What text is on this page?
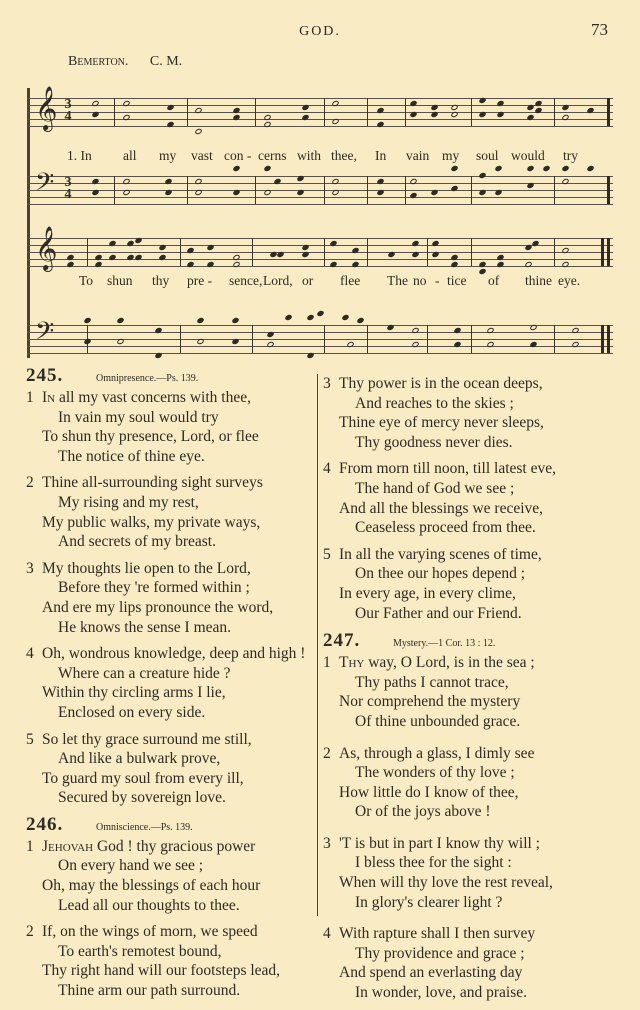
GOD.	73
Bemerton. C. M.
𝄞 3
4
1. In all my vast con - cerns with thee, In vain my soul would try
𝄢 3
4
𝄞
To shun thy pre - sence, Lord, or flee The no - tice of thine eye.
𝄢
245.	Omnipresence.—Ps. 139.
1 In all my vast concerns with thee,
In vain my soul would try
To shun thy presence, Lord, or flee
The notice of thine eye.
2 Thine all-surrounding sight surveys
My rising and my rest,
My public walks, my private ways,
And secrets of my breast.
3 My thoughts lie open to the Lord,
Before they 're formed within ;
And ere my lips pronounce the word,
He knows the sense I mean.
4 Oh, wondrous knowledge, deep and high !
Where can a creature hide ?
Within thy circling arms I lie,
Enclosed on every side.
5 So let thy grace surround me still,
And like a bulwark prove,
To guard my soul from every ill,
Secured by sovereign love.
246.	Omniscience.—Ps. 139.
1 Jehovah God ! thy gracious power
On every hand we see ;
Oh, may the blessings of each hour
Lead all our thoughts to thee.
2 If, on the wings of morn, we speed
To earth's remotest bound,
Thy right hand will our footsteps lead,
Thine arm our path surround.
3 Thy power is in the ocean deeps,
And reaches to the skies ;
Thine eye of mercy never sleeps,
Thy goodness never dies.
4 From morn till noon, till latest eve,
The hand of God we see ;
And all the blessings we receive,
Ceaseless proceed from thee.
5 In all the varying scenes of time,
On thee our hopes depend ;
In every age, in every clime,
Our Father and our Friend.
247.	Mystery.—1 Cor. 13 : 12.
1 Thy way, O Lord, is in the sea ;
Thy paths I cannot trace,
Nor comprehend the mystery
Of thine unbounded grace.
2 As, through a glass, I dimly see
The wonders of thy love ;
How little do I know of thee,
Or of the joys above !
3 'T is but in part I know thy will ;
I bless thee for the sight :
When will thy love the rest reveal,
In glory's clearer light ?
4 With rapture shall I then survey
Thy providence and grace ;
And spend an everlasting day
In wonder, love, and praise.
